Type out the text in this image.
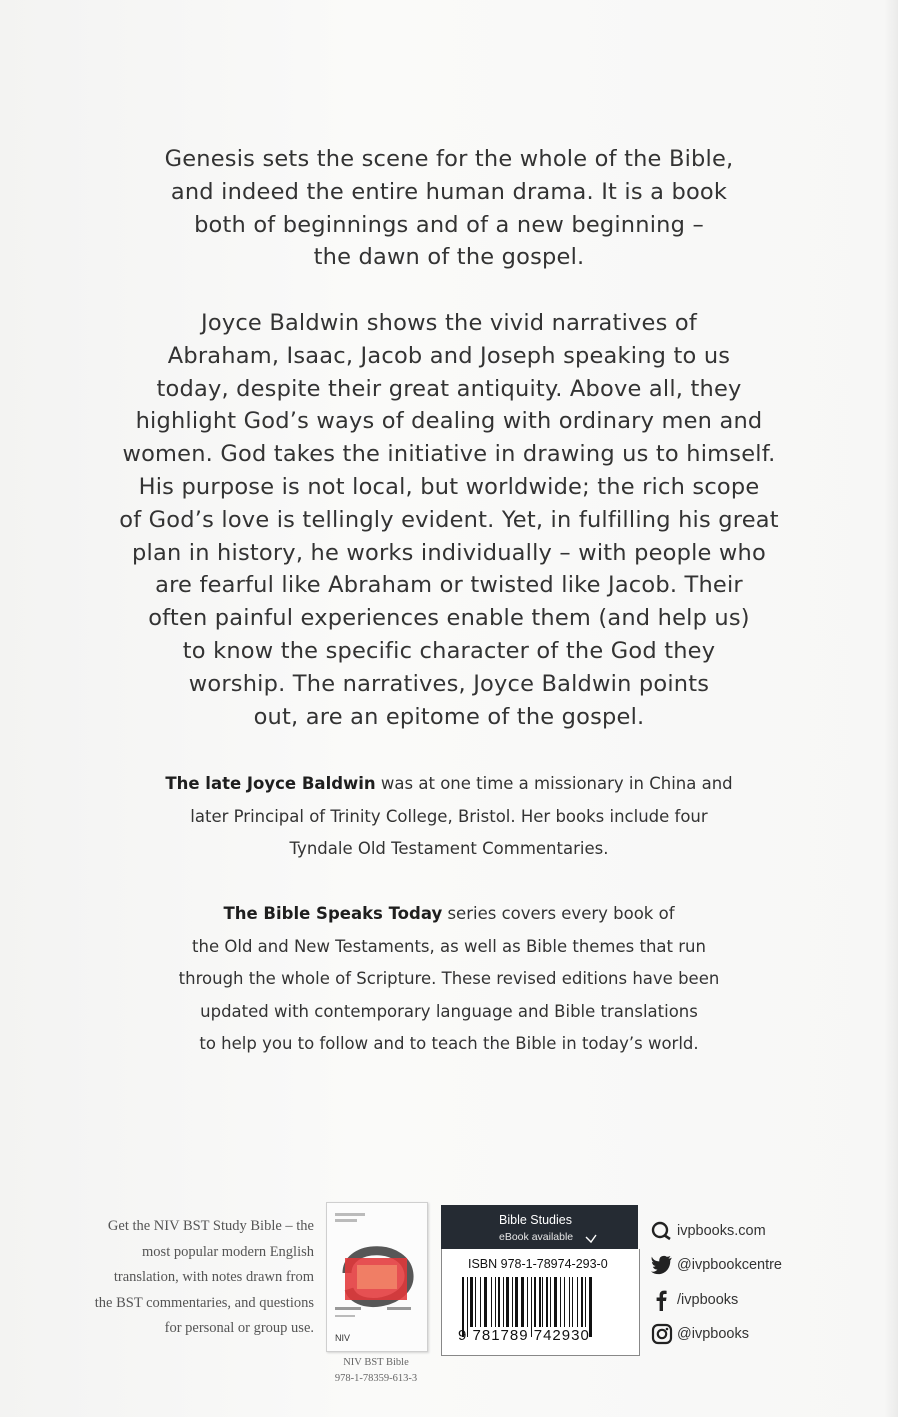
Genesis sets the scene for the whole of the Bible,

and indeed the entire human drama. It is a book

both of beginnings and of a new beginning –

the dawn of the gospel.

Joyce Baldwin shows the vivid narratives of

Abraham, Isaac, Jacob and Joseph speaking to us

today, despite their great antiquity. Above all, they

highlight God’s ways of dealing with ordinary men and

women. God takes the initiative in drawing us to himself.

His purpose is not local, but worldwide; the rich scope

of God’s love is tellingly evident. Yet, in fulfilling his great

plan in history, he works individually – with people who

are fearful like Abraham or twisted like Jacob. Their

often painful experiences enable them (and help us)

to know the specific character of the God they

worship. The narratives, Joyce Baldwin points

out, are an epitome of the gospel.

The late Joyce Baldwin was at one time a missionary in China and
later Principal of Trinity College, Bristol. Her books include four
Tyndale Old Testament Commentaries.
The Bible Speaks Today series covers every book of
the Old and New Testaments, as well as Bible themes that run
through the whole of Scripture. These revised editions have been
updated with contemporary language and Bible translations
to help you to follow and to teach the Bible in today’s world.
Get the NIV BST Study Bible – the
most popular modern English
translation, with notes drawn from
the BST commentaries, and questions
for personal or group use.
NIV
NIV BST Bible
978-1-78359-613-3
Bible Studies
eBook available
ISBN 978-1-78974-293-0
9 781789 742930
ivpbooks.com
@ivpbookcentre
/ivpbooks
@ivpbooks
